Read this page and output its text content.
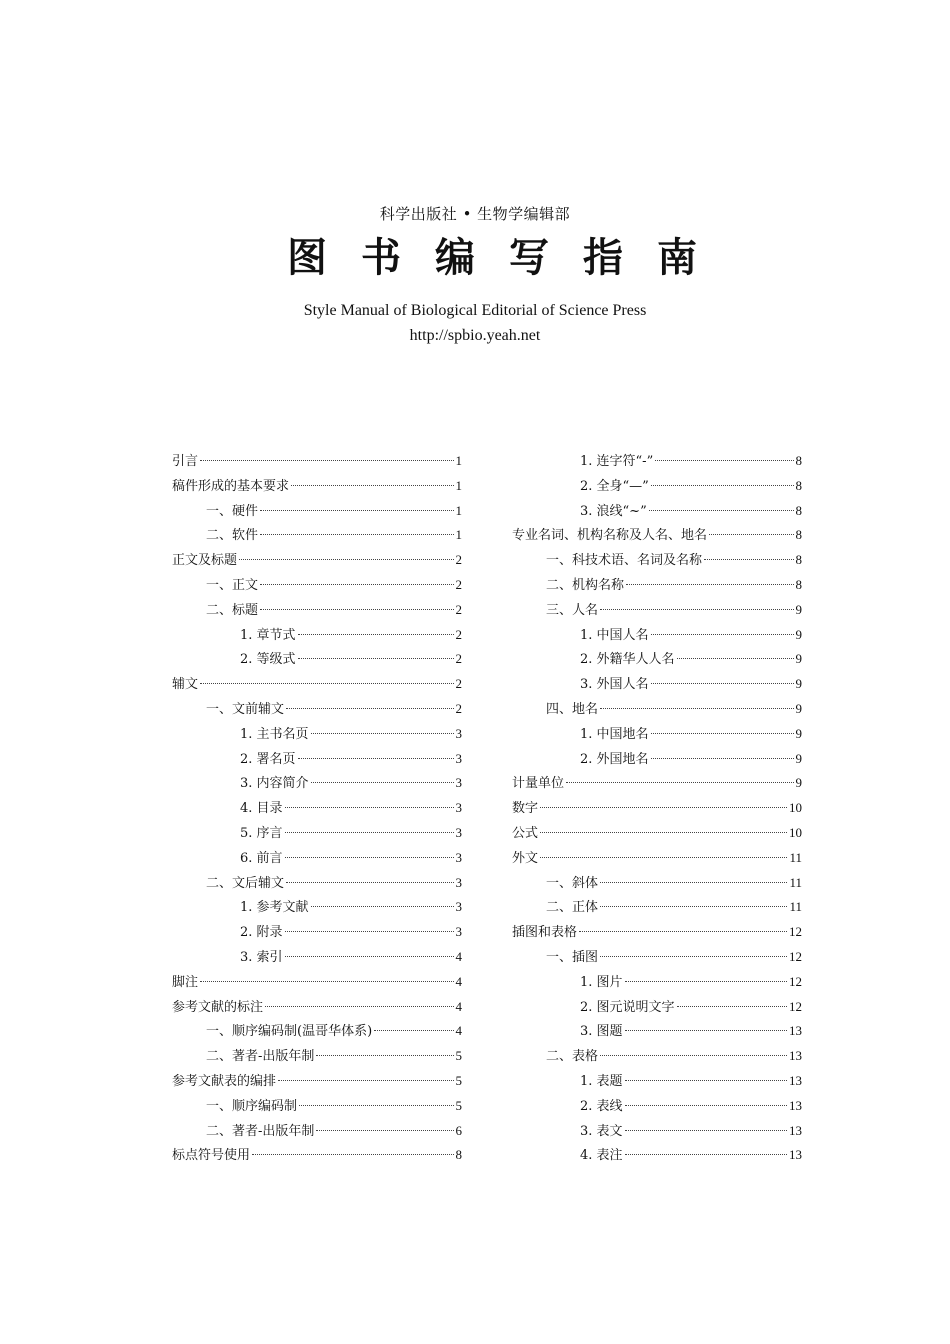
科学出版社 • 生物学编辑部
图书编写指南
Style Manual of Biological Editorial of Science Press
http://spbio.yeah.net
引言	1
稿件形成的基本要求	1
一、硬件	1
二、软件	1
正文及标题	2
一、正文	2
二、标题	2
1. 章节式	2
2. 等级式	2
辅文	2
一、文前辅文	2
1. 主书名页	3
2. 署名页	3
3. 内容简介	3
4. 目录	3
5. 序言	3
6. 前言	3
二、文后辅文	3
1. 参考文献	3
2. 附录	3
3. 索引	4
脚注	4
参考文献的标注	4
一、顺序编码制(温哥华体系)	4
二、著者-出版年制	5
参考文献表的编排	5
一、顺序编码制	5
二、著者-出版年制	6
标点符号使用	8
1. 连字符“-”	8
2. 全身“—”	8
3. 浪线“~”	8
专业名词、机构名称及人名、地名	8
一、科技术语、名词及名称	8
二、机构名称	8
三、人名	9
1. 中国人名	9
2. 外籍华人人名	9
3. 外国人名	9
四、地名	9
1. 中国地名	9
2. 外国地名	9
计量单位	9
数字	10
公式	10
外文	11
一、斜体	11
二、正体	11
插图和表格	12
一、插图	12
1. 图片	12
2. 图元说明文字	12
3. 图题	13
二、表格	13
1. 表题	13
2. 表线	13
3. 表文	13
4. 表注	13
